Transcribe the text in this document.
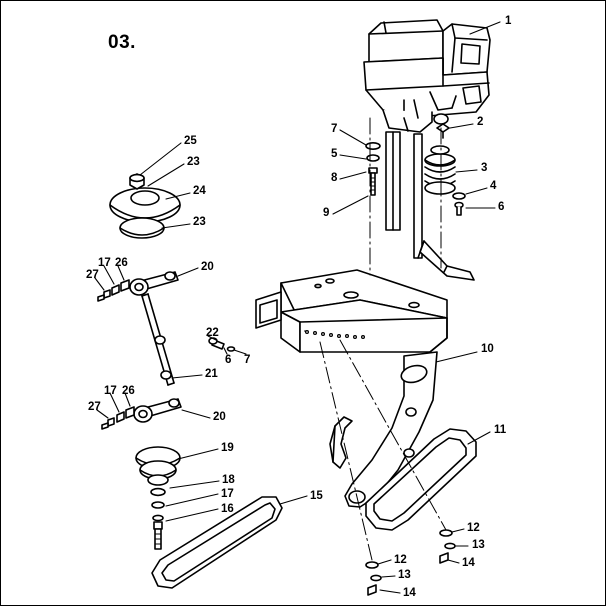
03.
1
2
3
4
5
6
7
8
9
10
11
12
13
12
13
14
14
15
16
17
18
19
20
20
21
22
23
23
24
25
26
26
27
27
17
17
6 7
